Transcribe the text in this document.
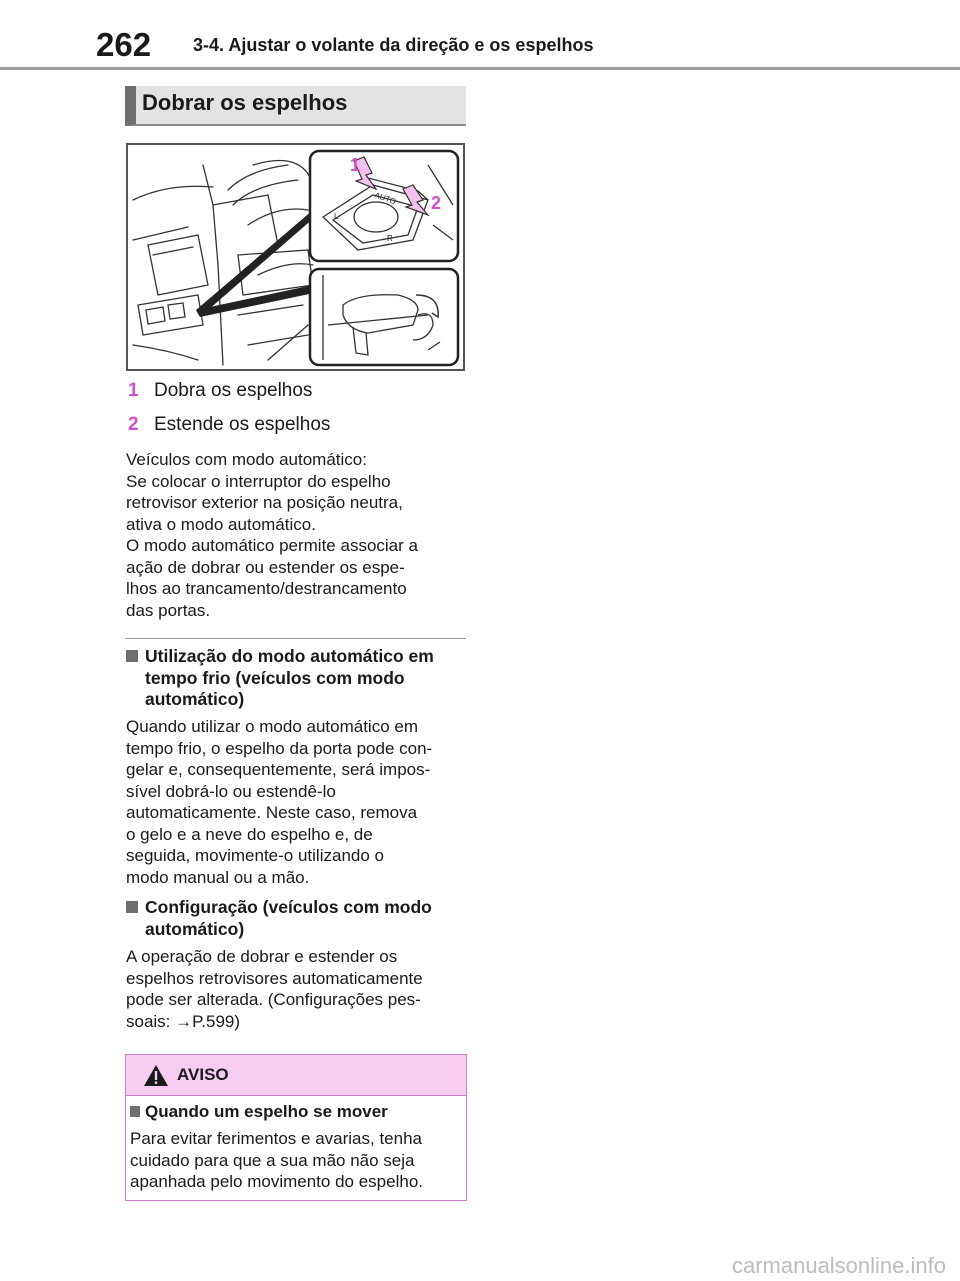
262 3-4. Ajustar o volante da direção e os espelhos
Dobrar os espelhos
AUTO
L
R
1
2
1 Dobra os espelhos
2 Estende os espelhos
Veículos com modo automático:
Se colocar o interruptor do espelho
retrovisor exterior na posição neutra,
ativa o modo automático.
O modo automático permite associar a
ação de dobrar ou estender os espe-
lhos ao trancamento/destrancamento
das portas.
Utilização do modo automático em
tempo frio (veículos com modo
automático)
Quando utilizar o modo automático em
tempo frio, o espelho da porta pode con-
gelar e, consequentemente, será impos-
sível dobrá-lo ou estendê-lo
automaticamente. Neste caso, remova
o gelo e a neve do espelho e, de
seguida, movimente-o utilizando o
modo manual ou a mão.
Configuração (veículos com modo
automático)
A operação de dobrar e estender os
espelhos retrovisores automaticamente
pode ser alterada. (Configurações pes-
soais: →P.599)
AVISO
Quando um espelho se mover
Para evitar ferimentos e avarias, tenha
cuidado para que a sua mão não seja
apanhada pelo movimento do espelho.
carmanualsonline.info
